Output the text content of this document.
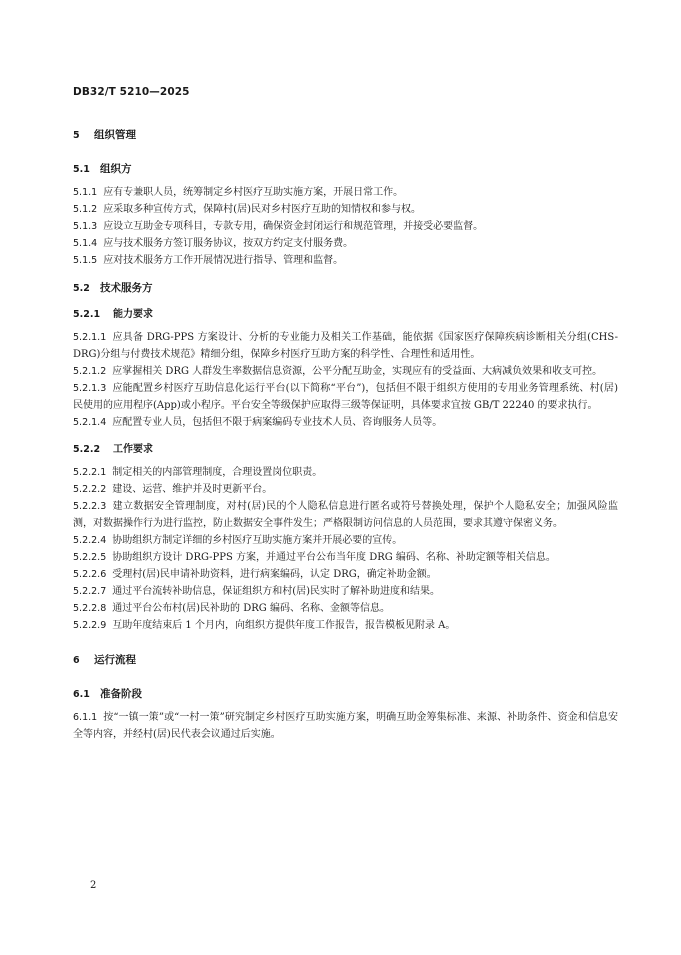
DB32/T 5210—2025

5 组织管理

5.1 组织方

5.1.1 应有专兼职人员，统筹制定乡村医疗互助实施方案，开展日常工作。

5.1.2 应采取多种宣传方式，保障村(居)民对乡村医疗互助的知情权和参与权。

5.1.3 应设立互助金专项科目，专款专用，确保资金封闭运行和规范管理，并接受必要监督。

5.1.4 应与技术服务方签订服务协议，按双方约定支付服务费。

5.1.5 应对技术服务方工作开展情况进行指导、管理和监督。

5.2 技术服务方

5.2.1 能力要求

5.2.1.1 应具备 DRG-PPS 方案设计、分析的专业能力及相关工作基础，能依据《国家医疗保障疾病诊断相关分组(CHS-DRG)分组与付费技术规范》精细分组，保障乡村医疗互助方案的科学性、合理性和适用性。

5.2.1.2 应掌握相关 DRG 人群发生率数据信息资源，公平分配互助金，实现应有的受益面、大病减负效果和收支可控。

5.2.1.3 应能配置乡村医疗互助信息化运行平台(以下简称“平台”)，包括但不限于组织方使用的专用业务管理系统、村(居)民使用的应用程序(App)或小程序。平台安全等级保护应取得三级等保证明，具体要求宜按 GB/T 22240 的要求执行。

5.2.1.4 应配置专业人员，包括但不限于病案编码专业技术人员、咨询服务人员等。

5.2.2 工作要求

5.2.2.1 制定相关的内部管理制度，合理设置岗位职责。

5.2.2.2 建设、运营、维护并及时更新平台。

5.2.2.3 建立数据安全管理制度，对村(居)民的个人隐私信息进行匿名或符号替换处理，保护个人隐私安全；加强风险监测，对数据操作行为进行监控，防止数据安全事件发生；严格限制访问信息的人员范围，要求其遵守保密义务。

5.2.2.4 协助组织方制定详细的乡村医疗互助实施方案并开展必要的宣传。

5.2.2.5 协助组织方设计 DRG-PPS 方案，并通过平台公布当年度 DRG 编码、名称、补助定额等相关信息。

5.2.2.6 受理村(居)民申请补助资料，进行病案编码，认定 DRG，确定补助金额。

5.2.2.7 通过平台流转补助信息，保证组织方和村(居)民实时了解补助进度和结果。

5.2.2.8 通过平台公布村(居)民补助的 DRG 编码、名称、金额等信息。

5.2.2.9 互助年度结束后 1 个月内，向组织方提供年度工作报告，报告模板见附录 A。

6 运行流程

6.1 准备阶段

6.1.1 按“一镇一策”或“一村一策”研究制定乡村医疗互助实施方案，明确互助金筹集标准、来源、补助条件、资金和信息安全等内容，并经村(居)民代表会议通过后实施。

2
